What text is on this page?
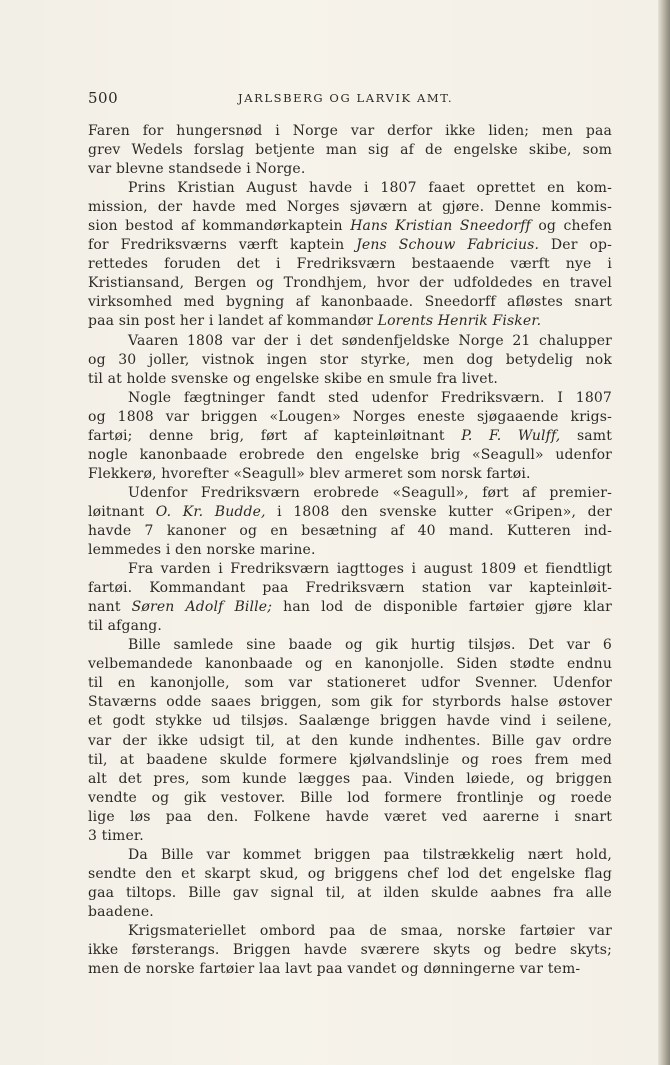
500	JARLSBERG OG LARVIK AMT.
Faren for hungersnød i Norge var derfor ikke liden; men paa
grev Wedels forslag betjente man sig af de engelske skibe, som
var blevne standsede i Norge.
Prins Kristian August havde i 1807 faaet oprettet en kom-
mission, der havde med Norges sjøværn at gjøre. Denne kommis-
sion bestod af kommandørkaptein Hans Kristian Sneedorff og chefen
for Fredriksværns værft kaptein Jens Schouw Fabricius. Der op-
rettedes foruden det i Fredriksværn bestaaende værft nye i
Kristiansand, Bergen og Trondhjem, hvor der udfoldedes en travel
virksomhed med bygning af kanonbaade. Sneedorff afløstes snart
paa sin post her i landet af kommandør Lorents Henrik Fisker.
Vaaren 1808 var der i det søndenfjeldske Norge 21 chalupper
og 30 joller, vistnok ingen stor styrke, men dog betydelig nok
til at holde svenske og engelske skibe en smule fra livet.
Nogle fægtninger fandt sted udenfor Fredriksværn. I 1807
og 1808 var briggen «Lougen» Norges eneste sjøgaaende krigs-
fartøi; denne brig, ført af kapteinløitnant P. F. Wulff, samt
nogle kanonbaade erobrede den engelske brig «Seagull» udenfor
Flekkerø, hvorefter «Seagull» blev armeret som norsk fartøi.
Udenfor Fredriksværn erobrede «Seagull», ført af premier-
løitnant O. Kr. Budde, i 1808 den svenske kutter «Gripen», der
havde 7 kanoner og en besætning af 40 mand. Kutteren ind-
lemmedes i den norske marine.
Fra varden i Fredriksværn iagttoges i august 1809 et fiendtligt
fartøi. Kommandant paa Fredriksværn station var kapteinløit-
nant Søren Adolf Bille; han lod de disponible fartøier gjøre klar
til afgang.
Bille samlede sine baade og gik hurtig tilsjøs. Det var 6
velbemandede kanonbaade og en kanonjolle. Siden stødte endnu
til en kanonjolle, som var stationeret udfor Svenner. Udenfor
Staværns odde saaes briggen, som gik for styrbords halse østover
et godt stykke ud tilsjøs. Saalænge briggen havde vind i seilene,
var der ikke udsigt til, at den kunde indhentes. Bille gav ordre
til, at baadene skulde formere kjølvandslinje og roes frem med
alt det pres, som kunde lægges paa. Vinden løiede, og briggen
vendte og gik vestover. Bille lod formere frontlinje og roede
lige løs paa den. Folkene havde været ved aarerne i snart
3 timer.
Da Bille var kommet briggen paa tilstrækkelig nært hold,
sendte den et skarpt skud, og briggens chef lod det engelske flag
gaa tiltops. Bille gav signal til, at ilden skulde aabnes fra alle
baadene.
Krigsmateriellet ombord paa de smaa, norske fartøier var
ikke førsterangs. Briggen havde sværere skyts og bedre skyts;
men de norske fartøier laa lavt paa vandet og dønningerne var tem-
